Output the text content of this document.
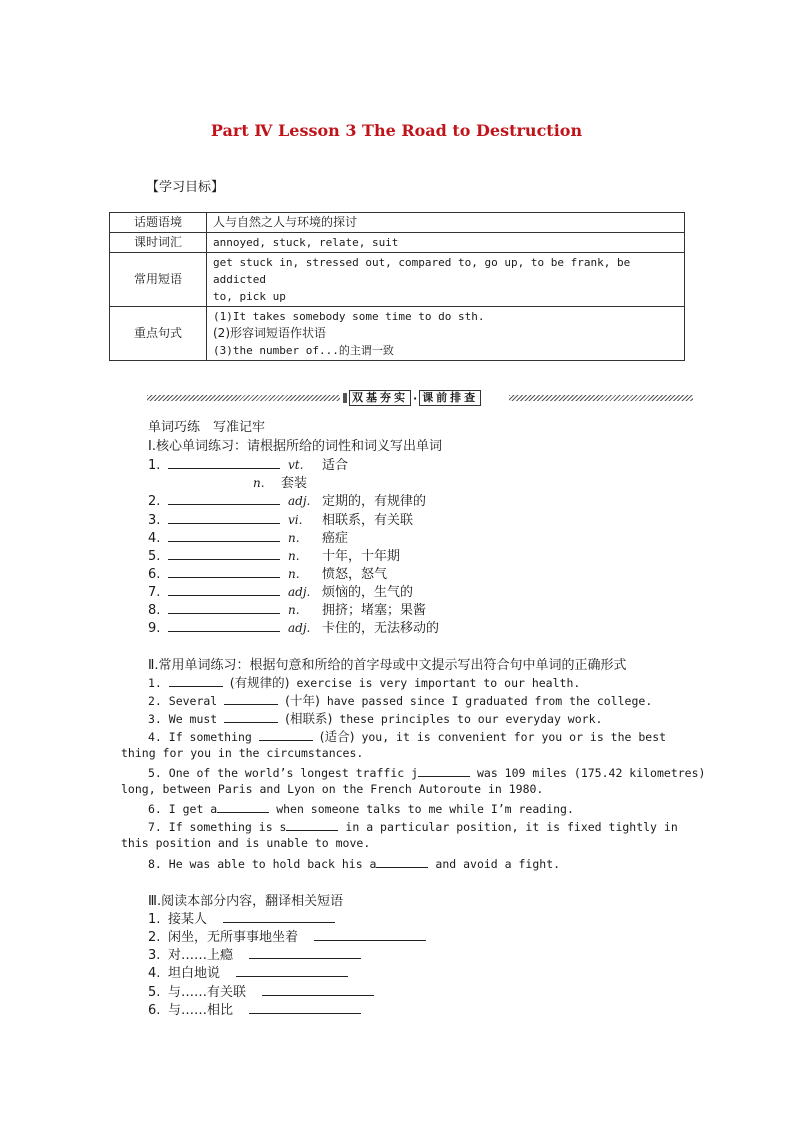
Part Ⅳ Lesson 3 The Road to Destruction
【学习目标】
话题语境	人与自然之人与环境的探讨
课时词汇	annoyed, stuck, relate, suit
常用短语	get stuck in, stressed out, compared to, go up, to be frank, be addicted
to, pick up

重点句式	(1)It takes somebody some time to do sth.
(2)形容词短语作状语
(3)the number of...的主谓一致
双基夯实 · 课前排查
单词巧练　写准记牢
Ⅰ.核心单词练习：请根据所给的词性和词义写出单词
1.	vt. 适合
n. 套装
2.	adj. 定期的，有规律的
3.	vi. 相联系，有关联
4.	n. 癌症
5.	n. 十年，十年期
6.	n. 愤怒，怒气
7.	adj. 烦恼的，生气的
8.	n. 拥挤；堵塞；果酱
9.	adj. 卡住的，无法移动的
Ⅱ.常用单词练习：根据句意和所给的首字母或中文提示写出符合句中单词的正确形式
1.	(有规律的) exercise is very important to our health.
2. Several	(十年) have passed since I graduated from the college.
3. We must	(相联系) these principles to our everyday work.
4. If something	(适合) you, it is convenient for you or is the best
thing for you in the circumstances.
5. One of the world’s longest traffic j	was 109 miles (175.42 kilometres)
long, between Paris and Lyon on the French Autoroute in 1980.
6. I get a	when someone talks to me while I’m reading.
7. If something is s	in a particular position, it is fixed tightly in
this position and is unable to move.
8. He was able to hold back his a	and avoid a fight.
Ⅲ.阅读本部分内容，翻译相关短语
1. 接某人
2. 闲坐，无所事事地坐着
3. 对……上瘾
4. 坦白地说
5. 与……有关联
6. 与……相比
